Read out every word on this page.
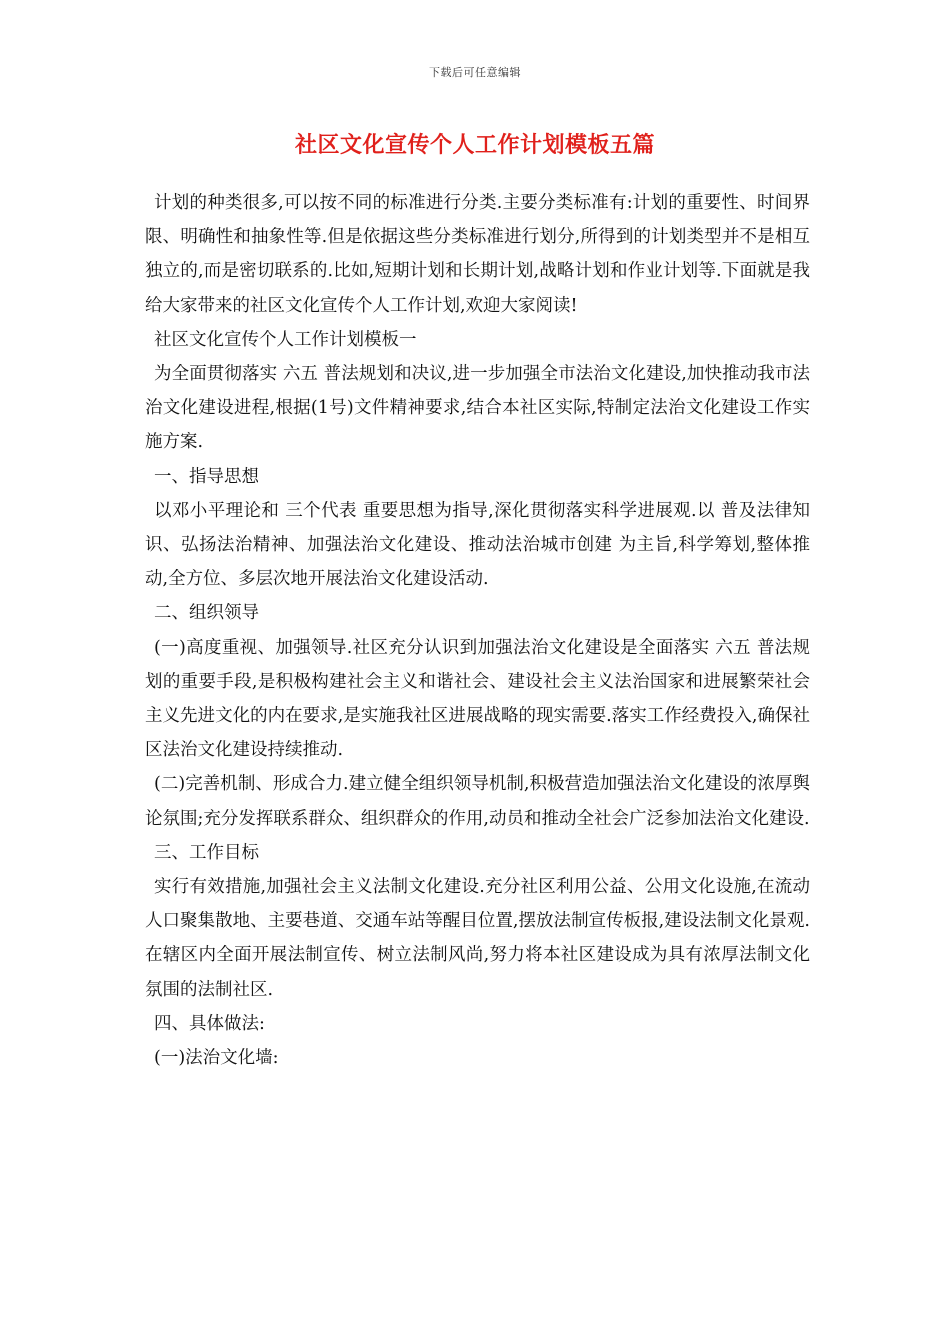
下载后可任意编辑
社区文化宣传个人工作计划模板五篇

计划的种类很多,可以按不同的标准进行分类.主要分类标准有:计划的重要性、时间界限、明确性和抽象性等.但是依据这些分类标准进行划分,所得到的计划类型并不是相互独立的,而是密切联系的.比如,短期计划和长期计划,战略计划和作业计划等.下面就是我给大家带来的社区文化宣传个人工作计划,欢迎大家阅读!

社区文化宣传个人工作计划模板一

为全面贯彻落实 六五 普法规划和决议,进一步加强全市法治文化建设,加快推动我市法治文化建设进程,根据(1号)文件精神要求,结合本社区实际,特制定法治文化建设工作实施方案.

一、指导思想

以邓小平理论和 三个代表 重要思想为指导,深化贯彻落实科学进展观.以 普及法律知识、弘扬法治精神、加强法治文化建设、推动法治城市创建 为主旨,科学筹划,整体推动,全方位、多层次地开展法治文化建设活动.

二、组织领导

(一)高度重视、加强领导.社区充分认识到加强法治文化建设是全面落实 六五 普法规划的重要手段,是积极构建社会主义和谐社会、建设社会主义法治国家和进展繁荣社会主义先进文化的内在要求,是实施我社区进展战略的现实需要.落实工作经费投入,确保社区法治文化建设持续推动.

(二)完善机制、形成合力.建立健全组织领导机制,积极营造加强法治文化建设的浓厚舆论氛围;充分发挥联系群众、组织群众的作用,动员和推动全社会广泛参加法治文化建设.

三、工作目标

实行有效措施,加强社会主义法制文化建设.充分社区利用公益、公用文化设施,在流动人口聚集散地、主要巷道、交通车站等醒目位置,摆放法制宣传板报,建设法制文化景观.在辖区内全面开展法制宣传、树立法制风尚,努力将本社区建设成为具有浓厚法制文化氛围的法制社区.

四、具体做法:

(一)法治文化墙:
